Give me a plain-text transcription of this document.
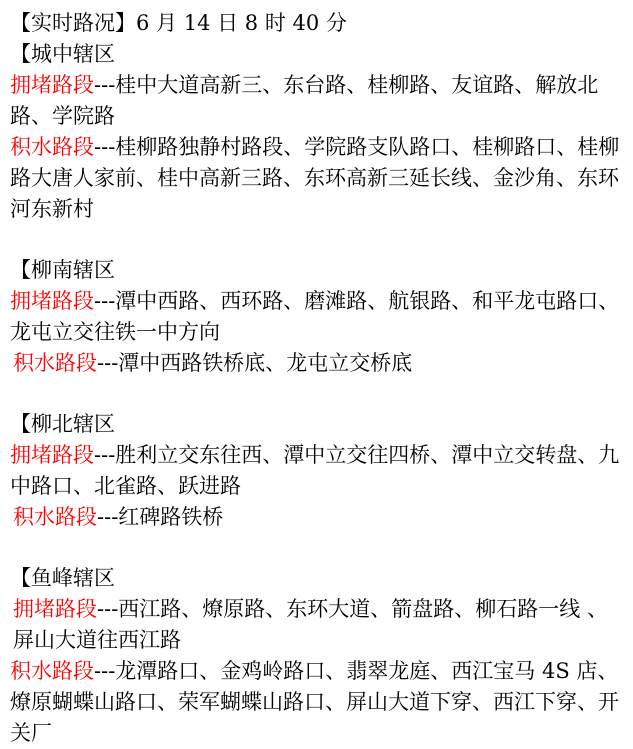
【实时路况】6 月 14 日 8 时 40 分
【城中辖区
拥堵路段---桂中大道高新三、东台路、桂柳路、友谊路、解放北路、学院路
积水路段---桂柳路独静村路段、学院路支队路口、桂柳路口、桂柳路大唐人家前、桂中高新三路、东环高新三延长线、金沙角、东环河东新村
【柳南辖区
拥堵路段---潭中西路、西环路、磨滩路、航银路、和平龙屯路口、龙屯立交往铁一中方向
积水路段---潭中西路铁桥底、龙屯立交桥底
【柳北辖区
拥堵路段---胜利立交东往西、潭中立交往四桥、潭中立交转盘、九中路口、北雀路、跃进路
积水路段---红碑路铁桥
【鱼峰辖区
拥堵路段---西江路、燎原路、东环大道、箭盘路、柳石路一线 、屏山大道往西江路
积水路段---龙潭路口、金鸡岭路口、翡翠龙庭、西江宝马 4S 店、燎原蝴蝶山路口、荣军蝴蝶山路口、屏山大道下穿、西江下穿、开关厂
